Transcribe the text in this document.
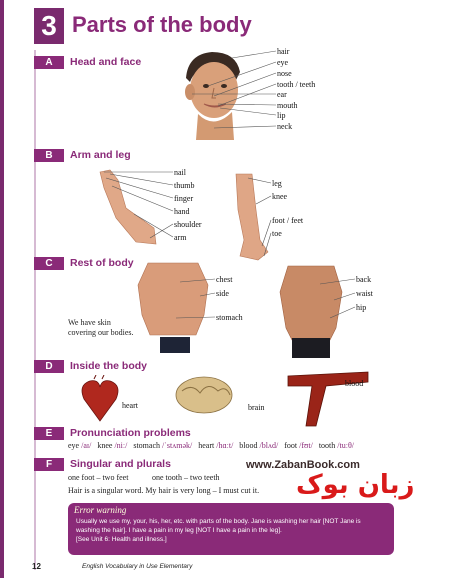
3 Parts of the body
A	Head and face
hair
eye
nose
tooth / teeth
ear
mouth
lip
neck
B	Arm and leg
nail
thumb
finger
hand
shoulder
arm
leg
knee
foot / feet
toe
C	Rest of body
chest
side
stomach
back
waist
hip
We have skin covering our bodies.
D	Inside the body
heart	brain
blood
E	Pronunciation problems
eye /aɪ/ knee /niː/ stomach /ˈstʌmək/ heart /hɑːt/ blood /blʌd/ foot /fʊt/ tooth /tuːθ/
F	Singular and plurals
one foot – two feet	one tooth – two teeth
Hair is a singular word. My hair is very long – I must cut it.
www.ZabanBook.com
زبان بوک
Error warning
Usually we use my, your, his, her, etc. with parts of the body. Jane is washing her hair [NOT Jane is washing the hair]. I have a pain in my leg [NOT I have a pain in the leg].
[See Unit 6: Health and illness.]
12	English Vocabulary in Use Elementary
